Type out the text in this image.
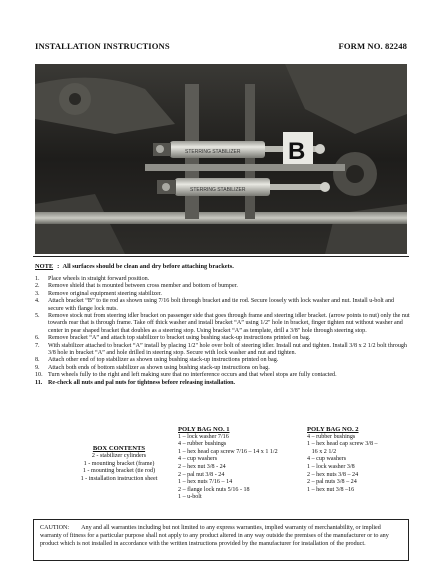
INSTALLATION INSTRUCTIONS	FORM NO. 82248
B
STERRING STABILIZER
STERRING STABILIZER
NOTE :  All surfaces should be clean and dry before attaching brackets.
1.	Place wheels in straight forward position.
2.	Remove shield that is mounted between cross member and bottom of bumper.
3.	Remove original equipment steering stabilizer.
4.	Attach bracket “B” to tie rod as shown using 7/16 bolt through bracket and tie rod. Secure loosely with lock washer and nut. Install u-bolt and secure with flange lock nuts.
5.	Remove stock nut from steering idler bracket on passenger side that goes through frame and steering idler bracket. (arrow points to nut) only the nut towards rear that is through frame. Take off thick washer and install bracket “A” using 1/2" hole in bracket, finger tighten nut without washer and center in pear shaped bracket that doubles as a steering stop. Using bracket “A” as template, drill a 3/8" hole through steering stop.
6.	Remove bracket “A” and attach top stabilizer to bracket using bushing stack-up instructions printed on bag.
7.	With stabilizer attached to bracket “A” install by placing 1/2" hole over bolt of steering idler. Install nut and tighten. Install 3/8 x 2 1/2 bolt through 3/8 hole in bracket “A” and hole drilled in steering stop. Secure with lock washer and nut and tighten.
8.	Attach other end of top stabilizer as shown using bushing stack-up instructions printed on bag.
9.	Attach both ends of bottom stabilizer as shown using bushing stack-up instructions on bag.
10. Turn wheels fully to the right and left making sure that no interference occurs and that wheel stops are fully contacted.
11. Re-check all nuts and pal nuts for tightness before releasing installation.
BOX CONTENTS
2 - stabilizer cylinders
1 - mounting bracket (frame)
1 - mounting bracket (tie rod)
1 - installation instruction sheet
POLY BAG NO. 1
1 – lock washer 7/16
4 – rubber bushings
1 – hex head cap screw 7/16 – 14 x 1 1/2
4 – cup washers
2 – hex nut 3/8 - 24
2 – pal nut 3/8 - 24
1 – hex nuts 7/16 – 14
2 – flange lock nuts 5/16 - 18
1 – u-bolt
POLY BAG NO. 2
4 – rubber bushings
1 – hex head cap screw 3/8 –
16 x 2 1/2
4 – cup washers
1 – lock washer 3/8
2 – hex nuts 3/8 – 24
2 – pal nuts 3/8 – 24
1 – hex nut 3/8 –16
CAUTION: Any and all warranties including but not limited to any express warranties, implied warranty of merchantability, or implied warranty of fitness for a particular purpose shall not apply to any product altered in any way outside the premises of the manufacturer or to any product which is not installed in accordance with the written instructions provided by the manufacturer for installation of the product.
